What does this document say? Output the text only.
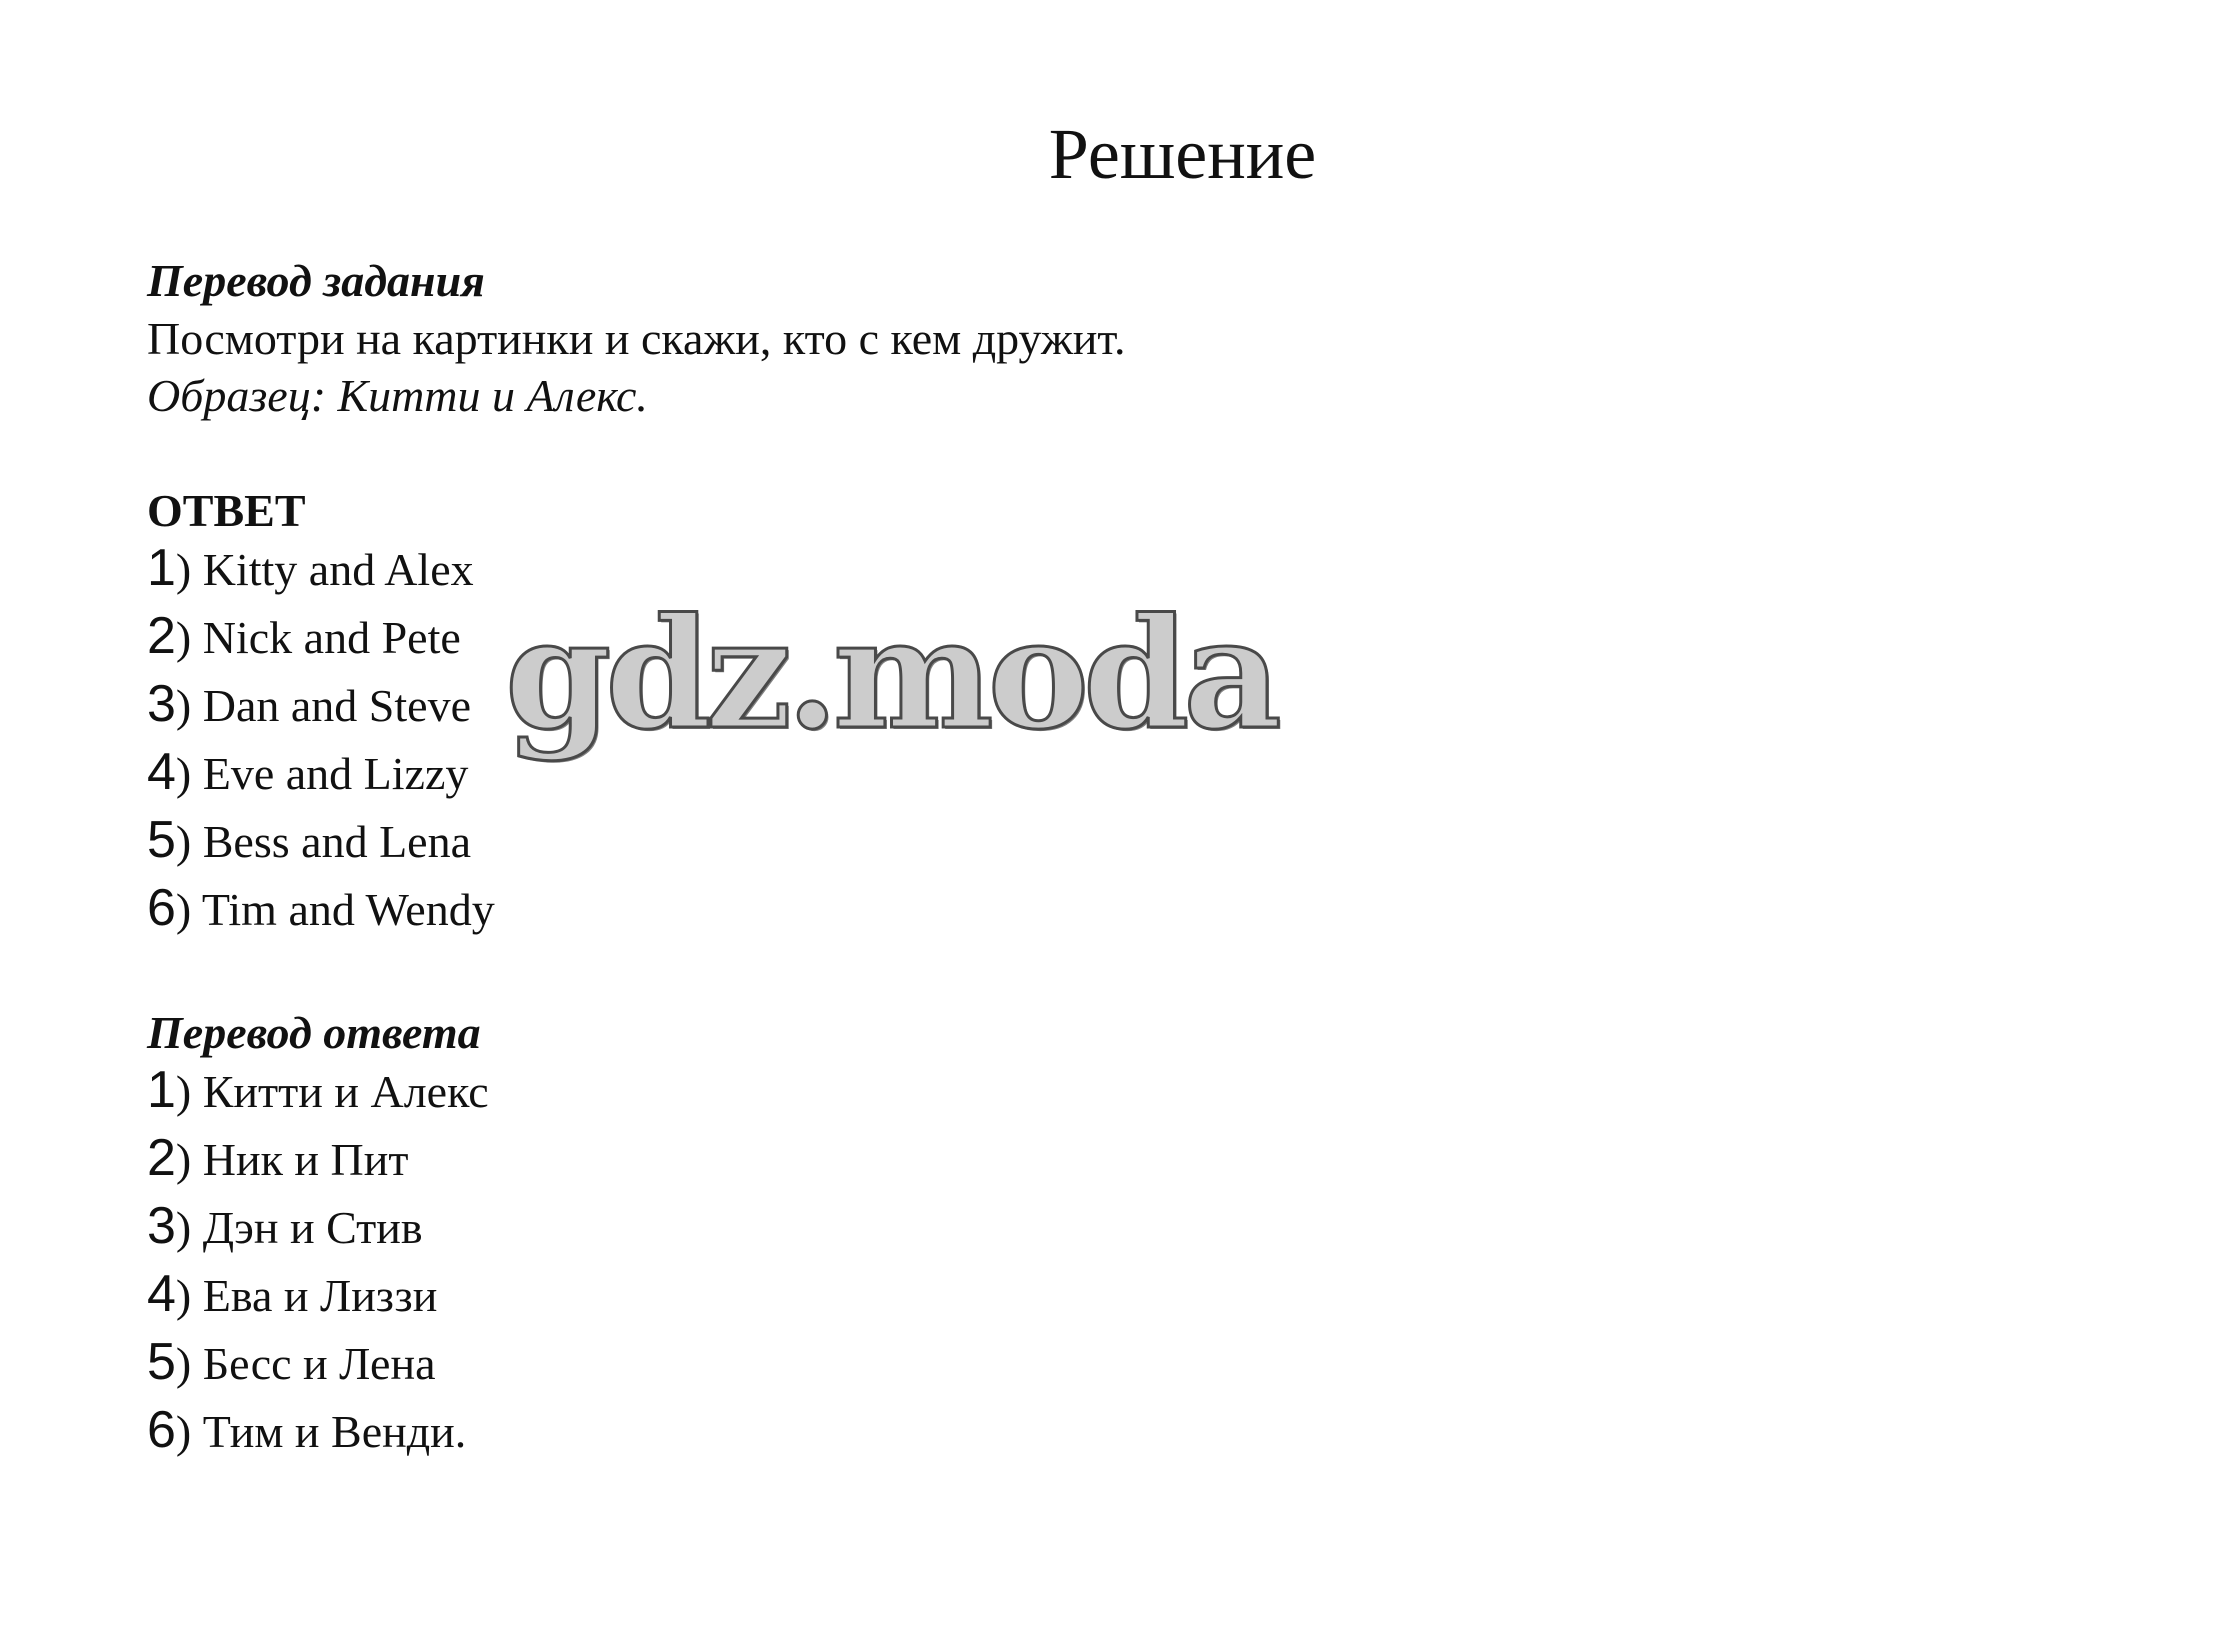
Решение

Перевод задания

Посмотри на картинки и скажи, кто с кем дружит.

Образец: Китти и Алекс.

ОТВЕТ

1) Kitty and Alex
2) Nick and Pete
3) Dan and Steve
4) Eve and Lizzy
5) Bess and Lena
6) Tim and Wendy

Перевод ответа

1) Китти и Алекс
2) Ник и Пит
3) Дэн и Стив
4) Ева и Лиззи
5) Бесс и Лена
6) Тим и Венди.
gdz.moda
